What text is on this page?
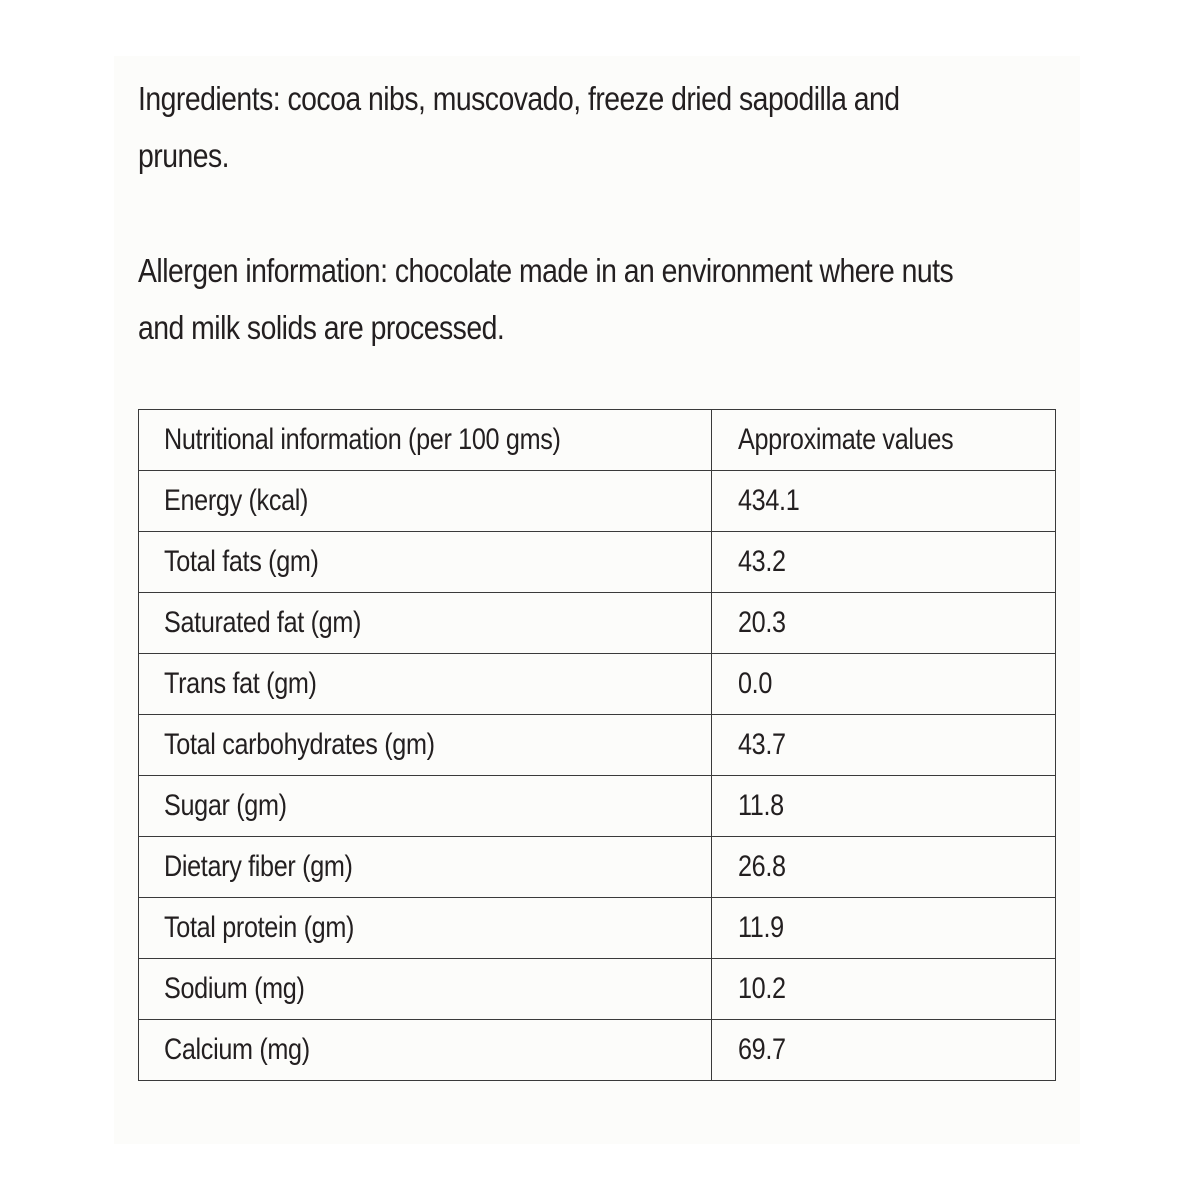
Ingredients: cocoa nibs, muscovado, freeze dried sapodilla and
prunes.
Allergen information: chocolate made in an environment where nuts
and milk solids are processed.
Nutritional information (per 100 gms)	Approximate values
Energy (kcal)	434.1
Total fats (gm)	43.2
Saturated fat (gm)	20.3
Trans fat (gm)	0.0
Total carbohydrates (gm)	43.7
Sugar (gm)	11.8
Dietary fiber (gm)	26.8
Total protein (gm)	11.9
Sodium (mg)	10.2
Calcium (mg)	69.7
